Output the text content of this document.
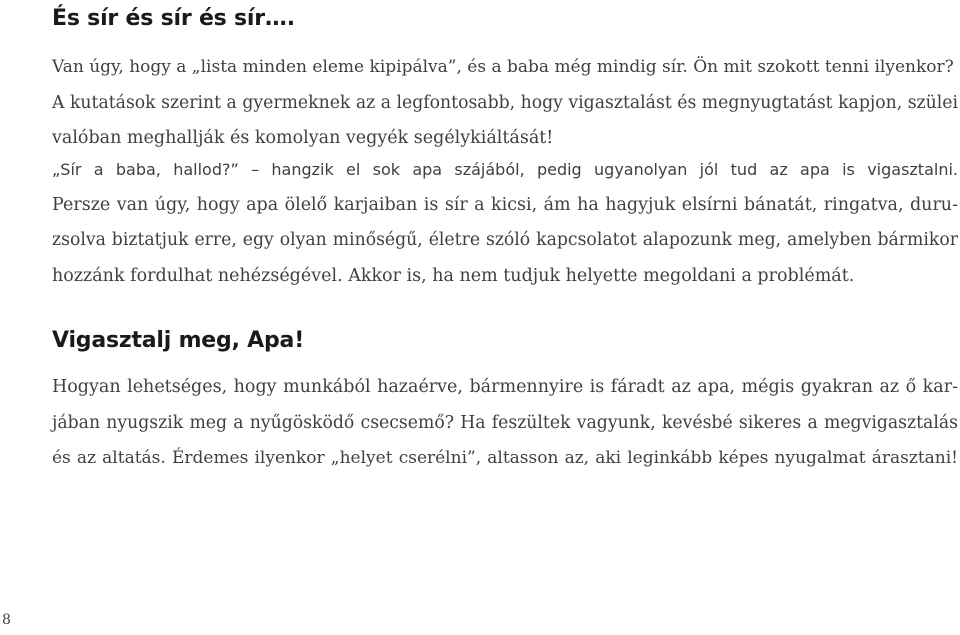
És sír és sír és sír….
Van úgy, hogy a „lista minden eleme kipipálva”, és a baba még mindig sír. Ön mit szokott tenni ilyenkor?
A kutatások szerint a gyermeknek az a legfontosabb, hogy vigasztalást és megnyugtatást kapjon, szülei
valóban meghallják és komolyan vegyék segélykiáltását!
„Sír a baba, hallod?” – hangzik el sok apa szájából, pedig ugyanolyan jól tud az apa is vigasztalni.
Persze van úgy, hogy apa ölelő karjaiban is sír a kicsi, ám ha hagyjuk elsírni bánatát, ringatva, duru-
zsolva biztatjuk erre, egy olyan minőségű, életre szóló kapcsolatot alapozunk meg, amelyben bármikor
hozzánk fordulhat nehézségével. Akkor is, ha nem tudjuk helyette megoldani a problémát.
Vigasztalj meg, Apa!
Hogyan lehetséges, hogy munkából hazaérve, bármennyire is fáradt az apa, mégis gyakran az ő kar-
jában nyugszik meg a nyűgösködő csecsemő? Ha feszültek vagyunk, kevésbé sikeres a megvigasztalás
és az altatás. Érdemes ilyenkor „helyet cserélni”, altasson az, aki leginkább képes nyugalmat árasztani!
8
